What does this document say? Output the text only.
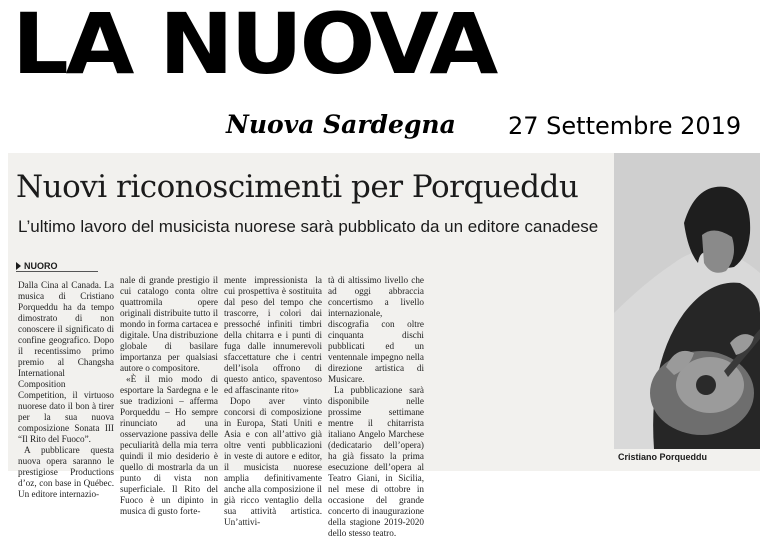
LA NUOVA
Nuova Sardegna 27 Settembre 2019
Nuovi riconoscimenti per Porqueddu
L’ultimo lavoro del musicista nuorese sarà pubblicato da un editore canadese
NUORO

Dalla Cina al Canada. La musica di Cristiano Porqueddu ha da tempo dimostrato di non conoscere il significato di confine geografico. Dopo il recentissimo primo premio al Changsha International Composition Competition, il virtuoso nuorese dato il bon à tirer per la sua nuova composizione Sonata III “Il Rito del Fuoco”.

A pubblicare questa nuova opera saranno le prestigiose Productions d’oz, con base in Québec. Un editore internazio-

nale di grande prestigio il cui catalogo conta oltre quattromila opere originali distribuite tutto il mondo in forma cartacea e digitale. Una distribuzione globale di basilare importanza per qualsiasi autore o compositore.

«È il mio modo di esportare la Sardegna e le sue tradizioni – afferma Porqueddu – Ho sempre rinunciato ad una osservazione passiva delle peculiarità della mia terra quindi il mio desiderio è quello di mostrarla da un punto di vista non superficiale. Il Rito del Fuoco è un dipinto in musica di gusto forte-

mente impressionista la cui prospettiva è sostituita dal peso del tempo che trascorre, i colori dai pressoché infiniti timbri della chitarra e i punti di fuga dalle innumerevoli sfaccettature che i centri dell’isola offrono di questo antico, spaventoso ed affascinante rito»

Dopo aver vinto concorsi di composizione in Europa, Stati Uniti e Asia e con all’attivo già oltre venti pubblicazioni in veste di autore e editor, il musicista nuorese amplia definitivamente anche alla composizione il già ricco ventaglio della sua attività artistica. Un’attivi-

tà di altissimo livello che ad oggi abbraccia concertismo a livello internazionale, discografia con oltre cinquanta dischi pubblicati ed un ventennale impegno nella direzione artistica di Musicare.

La pubblicazione sarà disponibile nelle prossime settimane mentre il chitarrista italiano Angelo Marchese (dedicatario dell’opera) ha già fissato la prima esecuzione dell’opera al Teatro Giani, in Sicilia, nel mese di ottobre in occasione del grande concerto di inaugurazione della stagione 2019-2020 dello stesso teatro.

Cristiano Porqueddu
